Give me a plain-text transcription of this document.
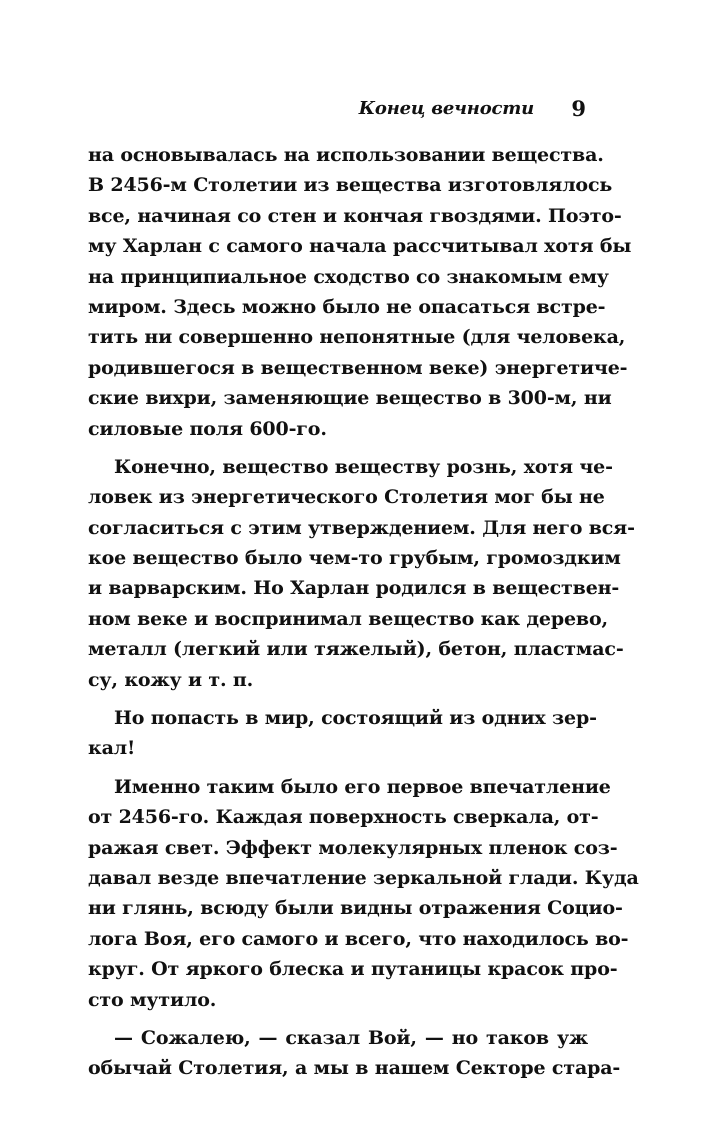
Конец вечности 9
на основывалась на использовании вещества.
В 2456-м Столетии из вещества изготовлялось
все, начиная со стен и кончая гвоздями. Поэто-
му Харлан с самого начала рассчитывал хотя бы
на принципиальное сходство со знакомым ему
миром. Здесь можно было не опасаться встре-
тить ни совершенно непонятные (для человека,
родившегося в вещественном веке) энергетиче-
ские вихри, заменяющие вещество в 300-м, ни
силовые поля 600-го.
Конечно, вещество веществу рознь, хотя че-
ловек из энергетического Столетия мог бы не
согласиться с этим утверждением. Для него вся-
кое вещество было чем-то грубым, громоздким
и варварским. Но Харлан родился в веществен-
ном веке и воспринимал вещество как дерево,
металл (легкий или тяжелый), бетон, пластмас-
су, кожу и т. п.
Но попасть в мир, состоящий из одних зер-
кал!
Именно таким было его первое впечатление
от 2456-го. Каждая поверхность сверкала, от-
ражая свет. Эффект молекулярных пленок соз-
давал везде впечатление зеркальной глади. Куда
ни глянь, всюду были видны отражения Социо-
лога Воя, его самого и всего, что находилось во-
круг. От яркого блеска и путаницы красок про-
сто мутило.
— Сожалею, — сказал Вой, — но таков уж
обычай Столетия, а мы в нашем Секторе стара-
